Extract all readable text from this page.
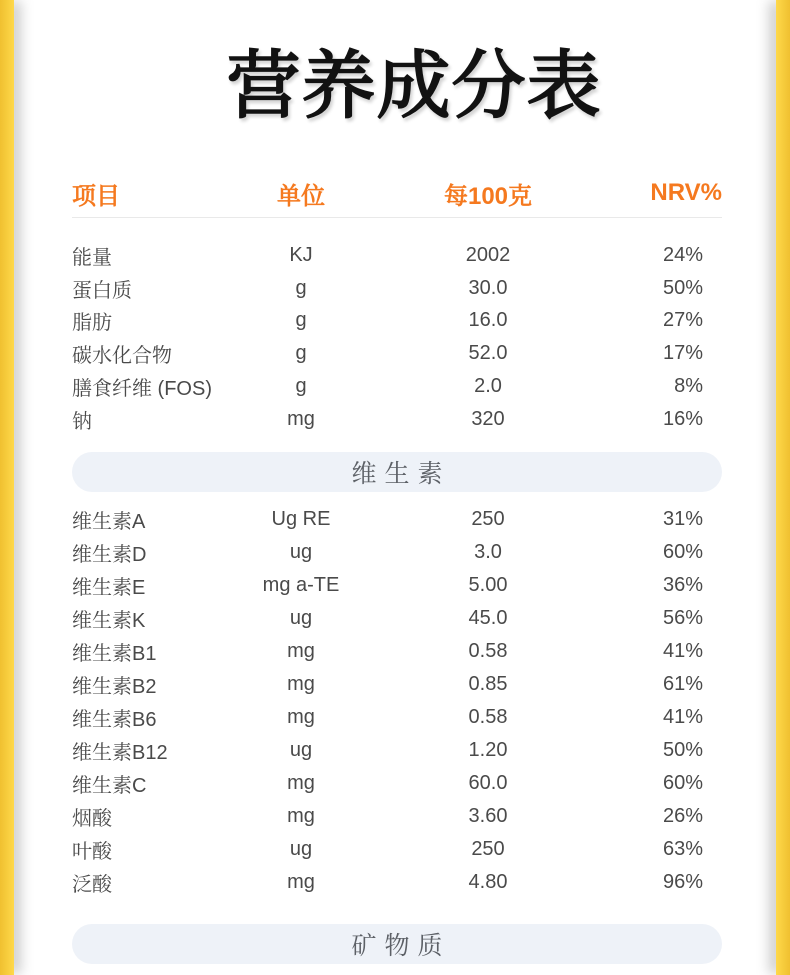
营养成分表
项目	单位	每100克	NRV%
能量	KJ	2002	24%
蛋白质	g	30.0	50%
脂肪	g	16.0	27%
碳水化合物	g	52.0	17%
膳食纤维 (FOS)	g	2.0	8%
钠	mg	320	16%
维生素
维生素A	Ug RE	250	31%
维生素D	ug	3.0	60%
维生素E	mg a-TE	5.00	36%
维生素K	ug	45.0	56%
维生素B1	mg	0.58	41%
维生素B2	mg	0.85	61%
维生素B6	mg	0.58	41%
维生素B12	ug	1.20	50%
维生素C	mg	60.0	60%
烟酸	mg	3.60	26%
叶酸	ug	250	63%
泛酸	mg	4.80	96%
矿物质
